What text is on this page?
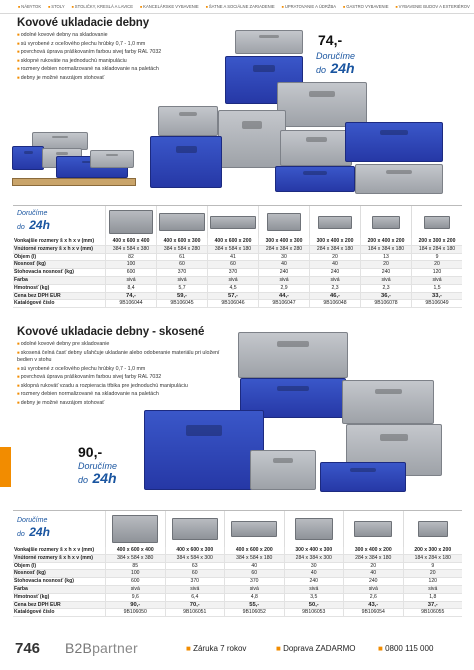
■ NÁBYTOK	■ STOLY	■ STOLIČKY, KRESLÁ A LAVICE	■ KANCELÁRSKE VYBAVENIE	■ ŠATNE A SOCIÁLNE ZARIADENIE	■ UPRATOVANIE A ÚDRŽBA	■ GASTRO VYBAVENIE	■ VYBAVENIE BUDOV A EXTERIÉROV
Kovové ukladacie debny
■ odolné kovové debny na skladovanie
■ sú vyrobené z oceľového plechu hrúbky 0,7 - 1,0 mm
■ povrchová úprava práškovaním farbou sivej farby RAL 7032
■ sklopné rukoväte na jednoduchú manipuláciu
■ rozmery debien normalizované na skladovanie na paletách
■ debny je možné navzájom stohovať
74,-
Doručíme
do 24h
Doručíme
do 24h
Vonkajšie rozmery š x h x v (mm)	400 x 600 x 400	400 x 600 x 300	400 x 600 x 200	300 x 400 x 300	300 x 400 x 200	200 x 400 x 200	200 x 300 x 200
Vnútorné rozmery š x h x v (mm)	384 x 584 x 380	384 x 584 x 280	384 x 584 x 180	284 x 384 x 280	284 x 384 x 180	184 x 384 x 180	184 x 284 x 180
Objem (l)	82	61	41	30	20	13	9
Nosnosť (kg)	100	60	60	40	40	20	20
Stohovacia nosnosť (kg)	600	370	370	240	240	240	120
Farba	sivá	sivá	sivá	sivá	sivá	sivá	sivá
Hmotnosť (kg)	8,4	5,7	4,5	2,9	2,3	2,3	1,5
Cena bez DPH EUR	74,-	59,-	57,-	44,-	46,-	36,-	33,-
Katalógové číslo	9B106044	9B106045	9B106046	9B106047	9B106048	9B106078	9B106049
Kovové ukladacie debny - skosené
■ odolné kovové debny pre skladovanie
■ skosená čelná časť debny uľahčuje ukladanie alebo odoberanie materiálu pri uložení bedien v stohu
■ sú vyrobené z oceľového plechu hrúbky 0,7 - 1,0 mm
■ povrchová úprava práškovaním farbou sivej farby RAL 7032
■ sklopná rukoväť vzadu a rozpieracia tŕbika pre jednoduchú manipuláciu
■ rozmery debien normalizované na skladovanie na paletách
■ debny je možné navzájom stohovať
90,-
Doručíme
do 24h
Doručíme
do 24h
Vonkajšie rozmery š x h x v (mm)	400 x 600 x 400	400 x 600 x 300	400 x 600 x 200	300 x 400 x 300	300 x 400 x 200	200 x 300 x 200
Vnútorné rozmery š x h x v (mm)	384 x 584 x 380	384 x 584 x 300	384 x 584 x 180	284 x 384 x 300	284 x 384 x 180	184 x 284 x 180
Objem (l)	85	63	40	30	20	9
Nosnosť (kg)	100	60	60	40	40	20
Stohovacia nosnosť (kg)	600	370	370	240	240	120
Farba	sivá	sivá	sivá	sivá	sivá	sivá
Hmotnosť (kg)	9,6	6,4	4,8	3,5	2,6	1,8
Cena bez DPH EUR	90,-	70,-	55,-	50,-	43,-	37,-
Katalógové číslo	9B106050	9B106051	9B106052	9B106053	9B106054	9B106055
746	B2Bpartner	■ Záruka 7 rokov	■ Doprava ZADARMO	■ 0800 115 000
